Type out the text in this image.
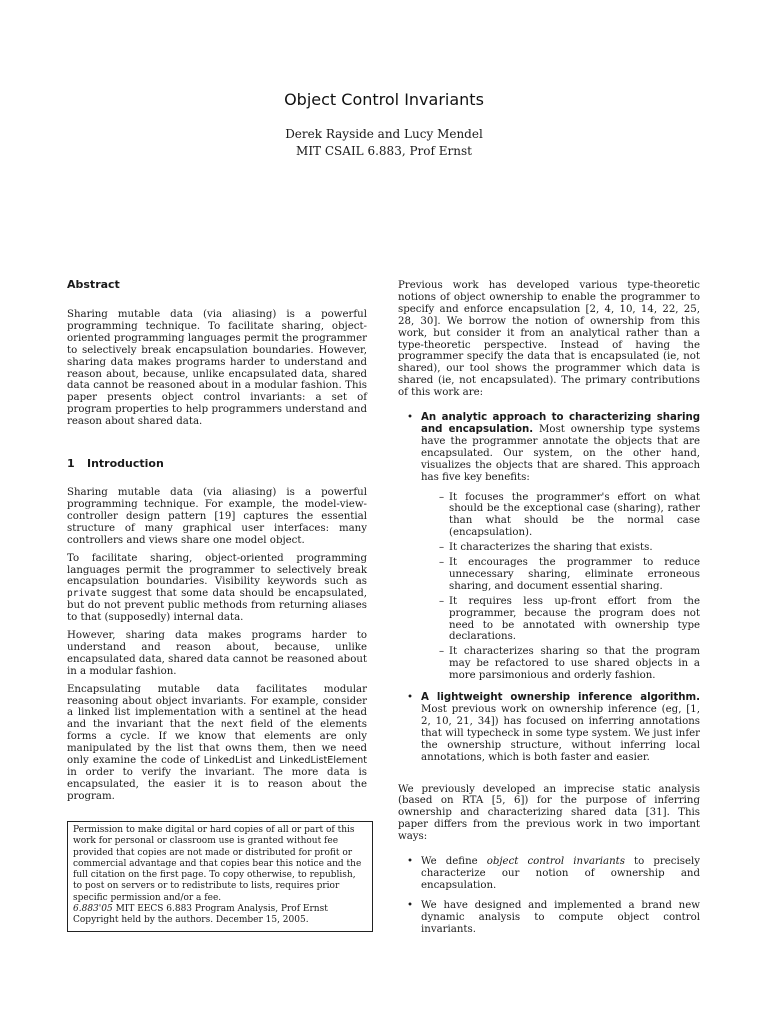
Object Control Invariants
Derek Rayside and Lucy Mendel
MIT CSAIL 6.883, Prof Ernst
Abstract

Sharing mutable data (via aliasing) is a powerful programming technique. To facilitate sharing, object-oriented programming languages permit the programmer to selectively break encapsulation boundaries. However, sharing data makes programs harder to understand and reason about, because, unlike encapsulated data, shared data cannot be reasoned about in a modular fashion. This paper presents object control invariants: a set of program properties to help programmers understand and reason about shared data.

1 Introduction

Sharing mutable data (via aliasing) is a powerful programming technique. For example, the model-view-controller design pattern [19] captures the essential structure of many graphical user interfaces: many controllers and views share one model object.

To facilitate sharing, object-oriented programming languages permit the programmer to selectively break encapsulation boundaries. Visibility keywords such as private suggest that some data should be encapsulated, but do not prevent public methods from returning aliases to that (supposedly) internal data.

However, sharing data makes programs harder to understand and reason about, because, unlike encapsulated data, shared data cannot be reasoned about in a modular fashion.

Encapsulating mutable data facilitates modular reasoning about object invariants. For example, consider a linked list implementation with a sentinel at the head and the invariant that the next field of the elements forms a cycle. If we know that elements are only manipulated by the list that owns them, then we need only examine the code of LinkedList and LinkedListElement in order to verify the invariant. The more data is encapsulated, the easier it is to reason about the program.

Permission to make digital or hard copies of all or part of this work for personal or classroom use is granted without fee provided that copies are not made or distributed for profit or commercial advantage and that copies bear this notice and the full citation on the first page. To copy otherwise, to republish, to post on servers or to redistribute to lists, requires prior specific permission and/or a fee.
6.883'05 MIT EECS 6.883 Program Analysis, Prof Ernst
Copyright held by the authors. December 15, 2005.

Previous work has developed various type-theoretic notions of object ownership to enable the programmer to specify and enforce encapsulation [2, 4, 10, 14, 22, 25, 28, 30]. We borrow the notion of ownership from this work, but consider it from an analytical rather than a type-theoretic perspective. Instead of having the programmer specify the data that is encapsulated (ie, not shared), our tool shows the programmer which data is shared (ie, not encapsulated). The primary contributions of this work are:

• An analytic approach to characterizing sharing and encapsulation. Most ownership type systems have the programmer annotate the objects that are encapsulated. Our system, on the other hand, visualizes the objects that are shared. This approach has five key benefits:
– It focuses the programmer's effort on what should be the exceptional case (sharing), rather than what should be the normal case (encapsulation).
– It characterizes the sharing that exists.
– It encourages the programmer to reduce unnecessary sharing, eliminate erroneous sharing, and document essential sharing.
– It requires less up-front effort from the programmer, because the program does not need to be annotated with ownership type declarations.
– It characterizes sharing so that the program may be refactored to use shared objects in a more parsimonious and orderly fashion.
• A lightweight ownership inference algorithm. Most previous work on ownership inference (eg, [1, 2, 10, 21, 34]) has focused on inferring annotations that will typecheck in some type system. We just infer the ownership structure, without inferring local annotations, which is both faster and easier.

We previously developed an imprecise static analysis (based on RTA [5, 6]) for the purpose of inferring ownership and characterizing shared data [31]. This paper differs from the previous work in two important ways:

• We define object control invariants to precisely characterize our notion of ownership and encapsulation.
• We have designed and implemented a brand new dynamic analysis to compute object control invariants.
